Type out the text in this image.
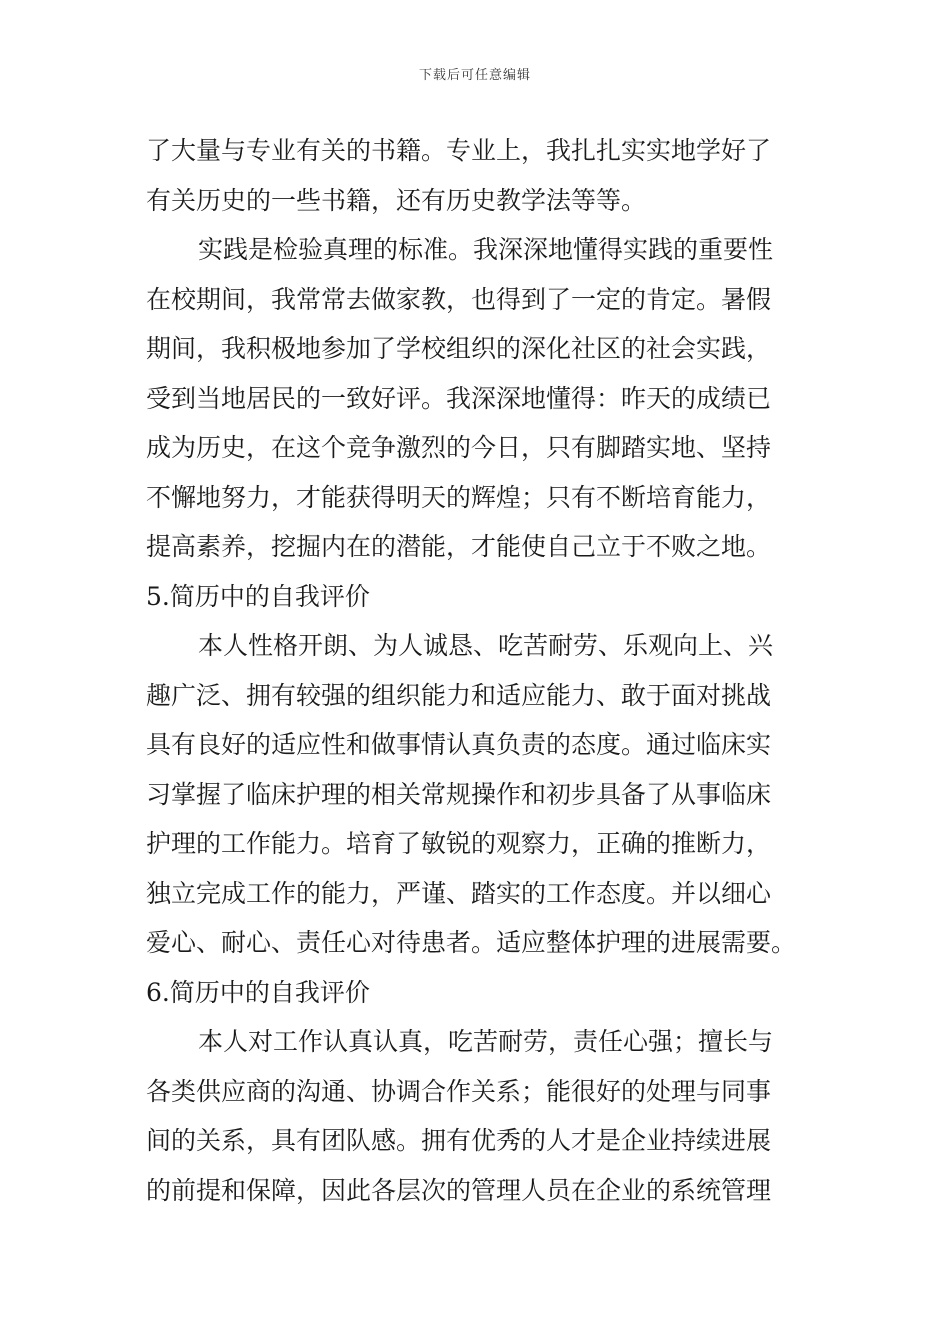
下载后可任意编辑
了大量与专业有关的书籍。专业上，我扎扎实实地学好了
有关历史的一些书籍，还有历史教学法等等。
实践是检验真理的标准。我深深地懂得实践的重要性
在校期间，我常常去做家教，也得到了一定的肯定。暑假
期间，我积极地参加了学校组织的深化社区的社会实践，
受到当地居民的一致好评。我深深地懂得：昨天的成绩已
成为历史，在这个竞争激烈的今日，只有脚踏实地、坚持
不懈地努力，才能获得明天的辉煌；只有不断培育能力，
提高素养，挖掘内在的潜能，才能使自己立于不败之地。
5.简历中的自我评价
本人性格开朗、为人诚恳、吃苦耐劳、乐观向上、兴
趣广泛、拥有较强的组织能力和适应能力、敢于面对挑战
具有良好的适应性和做事情认真负责的态度。通过临床实
习掌握了临床护理的相关常规操作和初步具备了从事临床
护理的工作能力。培育了敏锐的观察力，正确的推断力，
独立完成工作的能力，严谨、踏实的工作态度。并以细心
爱心、耐心、责任心对待患者。适应整体护理的进展需要。
6.简历中的自我评价
本人对工作认真认真，吃苦耐劳，责任心强；擅长与
各类供应商的沟通、协调合作关系；能很好的处理与同事
间的关系，具有团队感。拥有优秀的人才是企业持续进展
的前提和保障，因此各层次的管理人员在企业的系统管理
